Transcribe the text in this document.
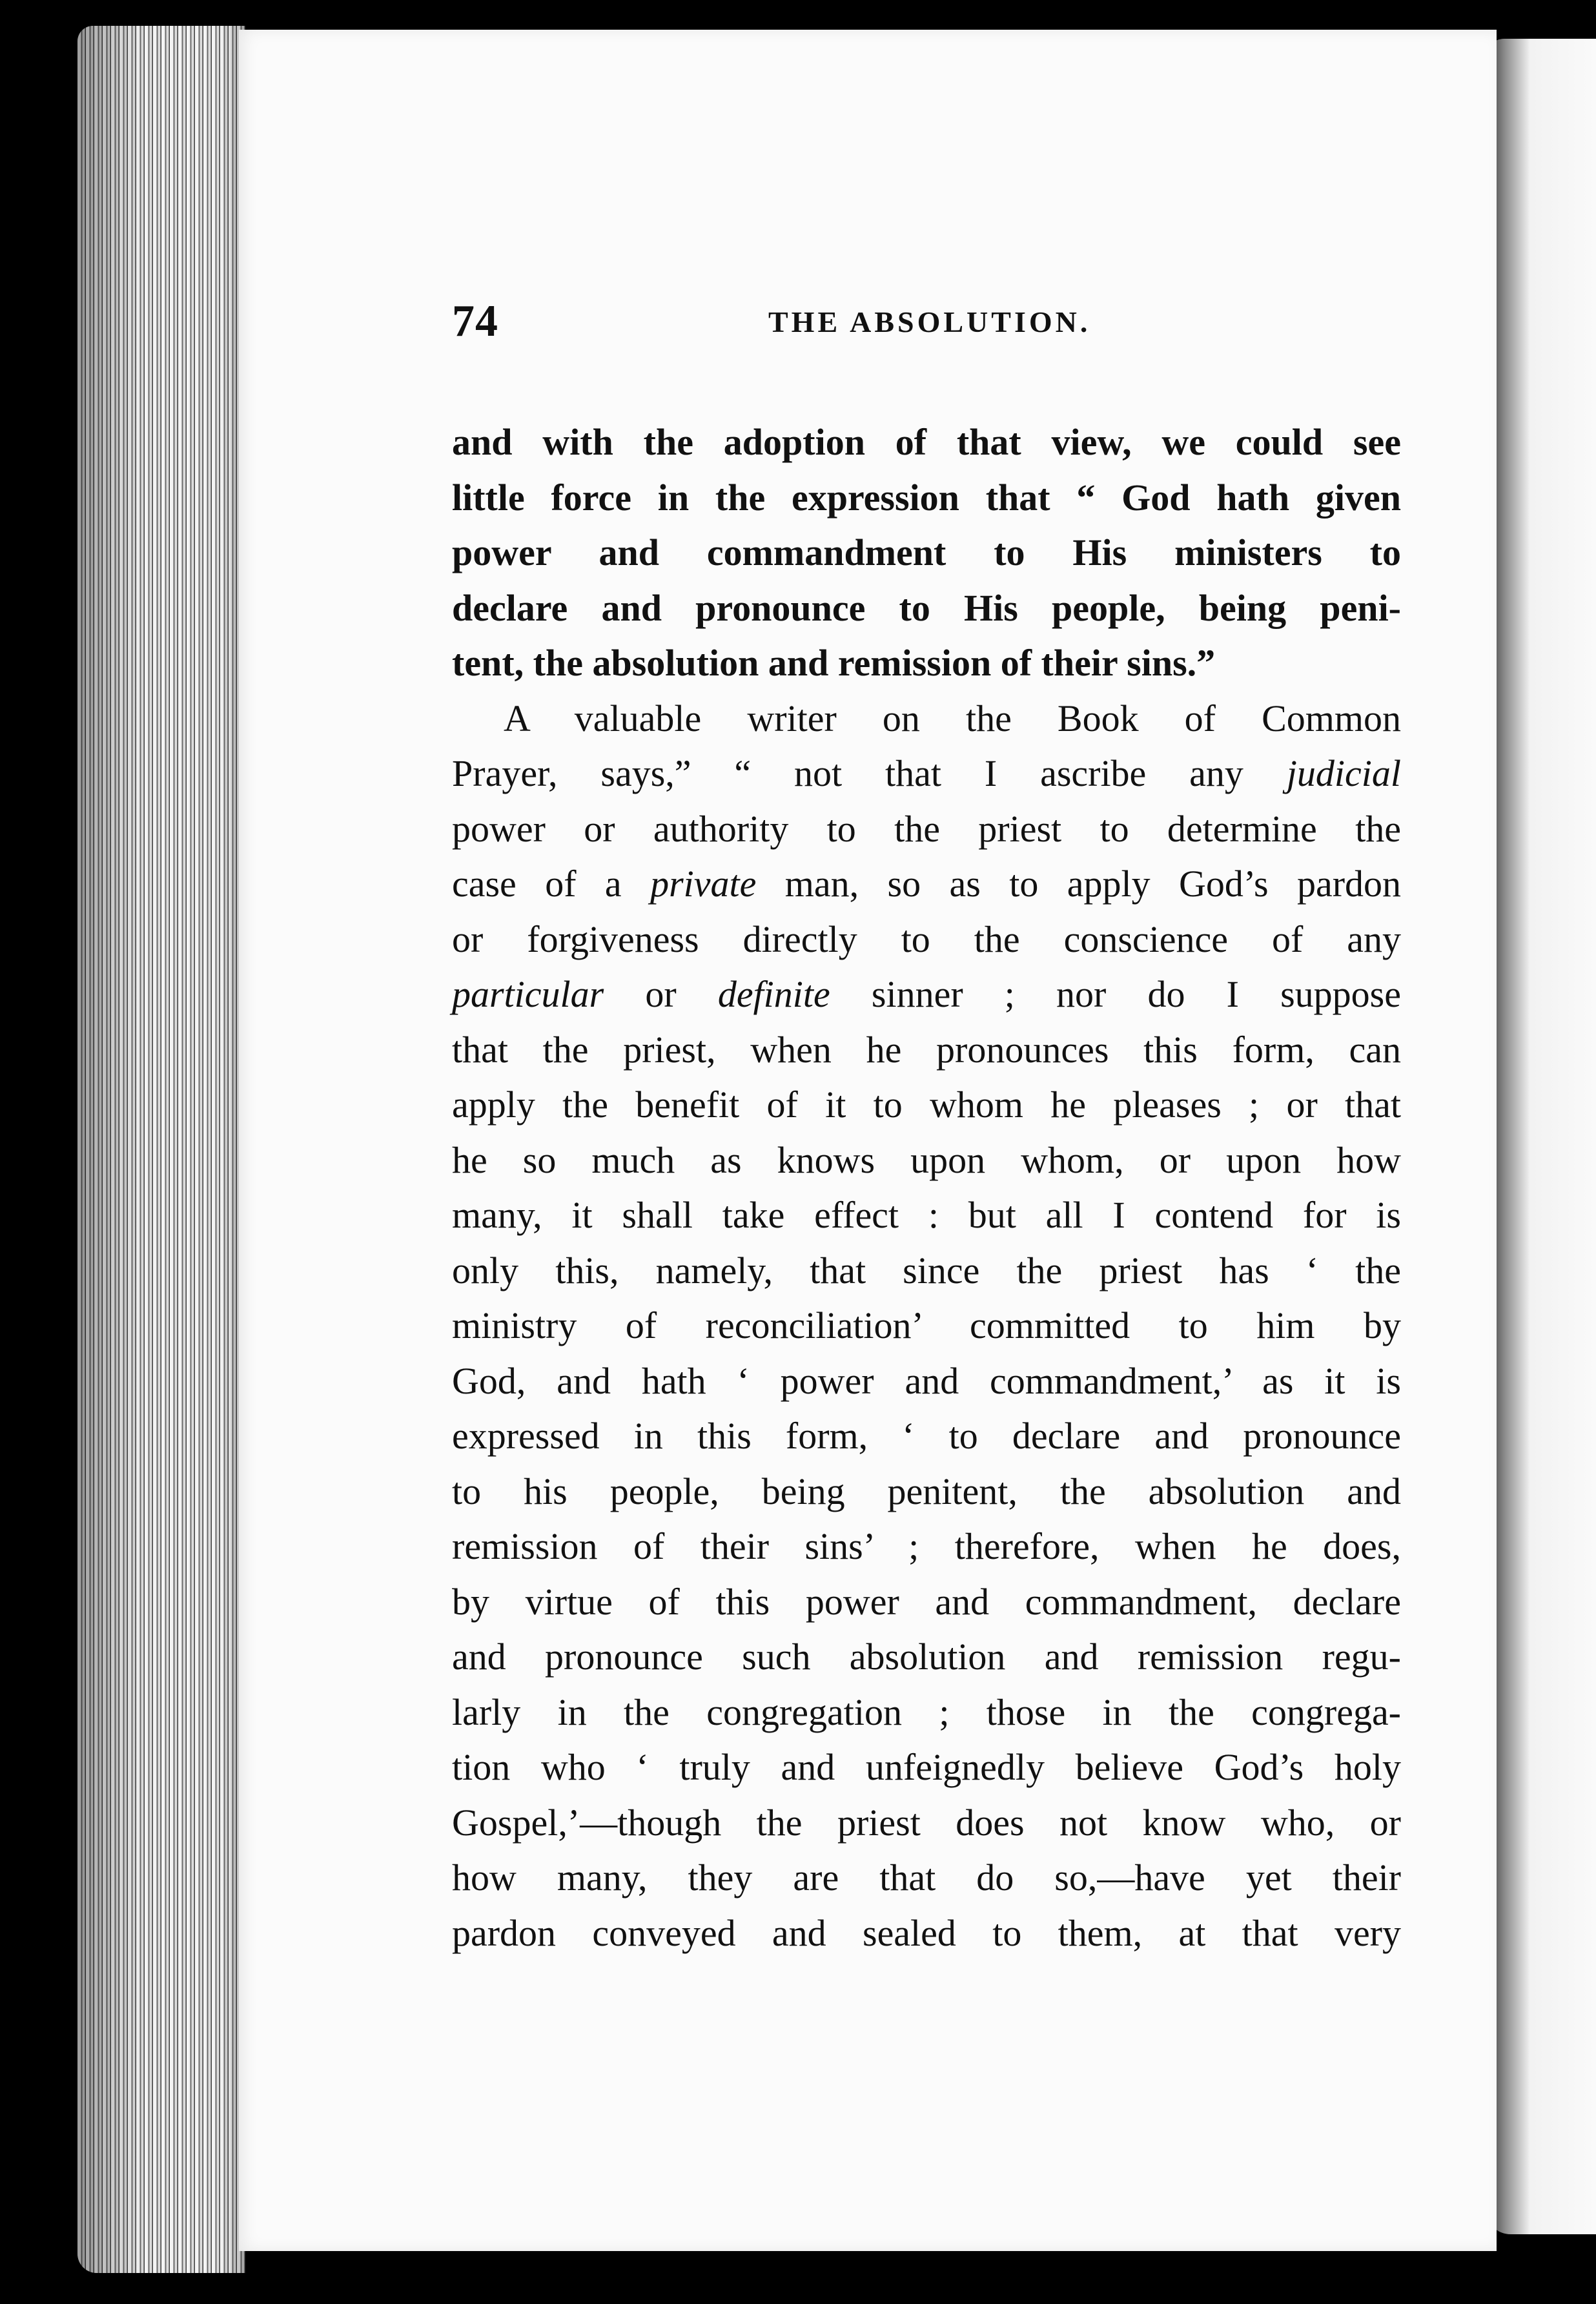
74	THE ABSOLUTION.
and with the adoption of that view, we could see
little force in the expression that “ God hath given
power and commandment to His ministers to
declare and pronounce to His people, being peni-
tent, the absolution and remission of their sins.”
A valuable writer on the Book of Common
Prayer, says,” “ not that I ascribe any judicial
power or authority to the priest to determine the
case of a private man, so as to apply God’s pardon
or forgiveness directly to the conscience of any
particular or definite sinner ; nor do I suppose
that the priest, when he pronounces this form, can
apply the benefit of it to whom he pleases ; or that
he so much as knows upon whom, or upon how
many, it shall take effect : but all I contend for is
only this, namely, that since the priest has ‘ the
ministry of reconciliation’ committed to him by
God, and hath ‘ power and commandment,’ as it is
expressed in this form, ‘ to declare and pronounce
to his people, being penitent, the absolution and
remission of their sins’ ; therefore, when he does,
by virtue of this power and commandment, declare
and pronounce such absolution and remission regu-
larly in the congregation ; those in the congrega-
tion who ‘ truly and unfeignedly believe God’s holy
Gospel,’—though the priest does not know who, or
how many, they are that do so,—have yet their
pardon conveyed and sealed to them, at that very
